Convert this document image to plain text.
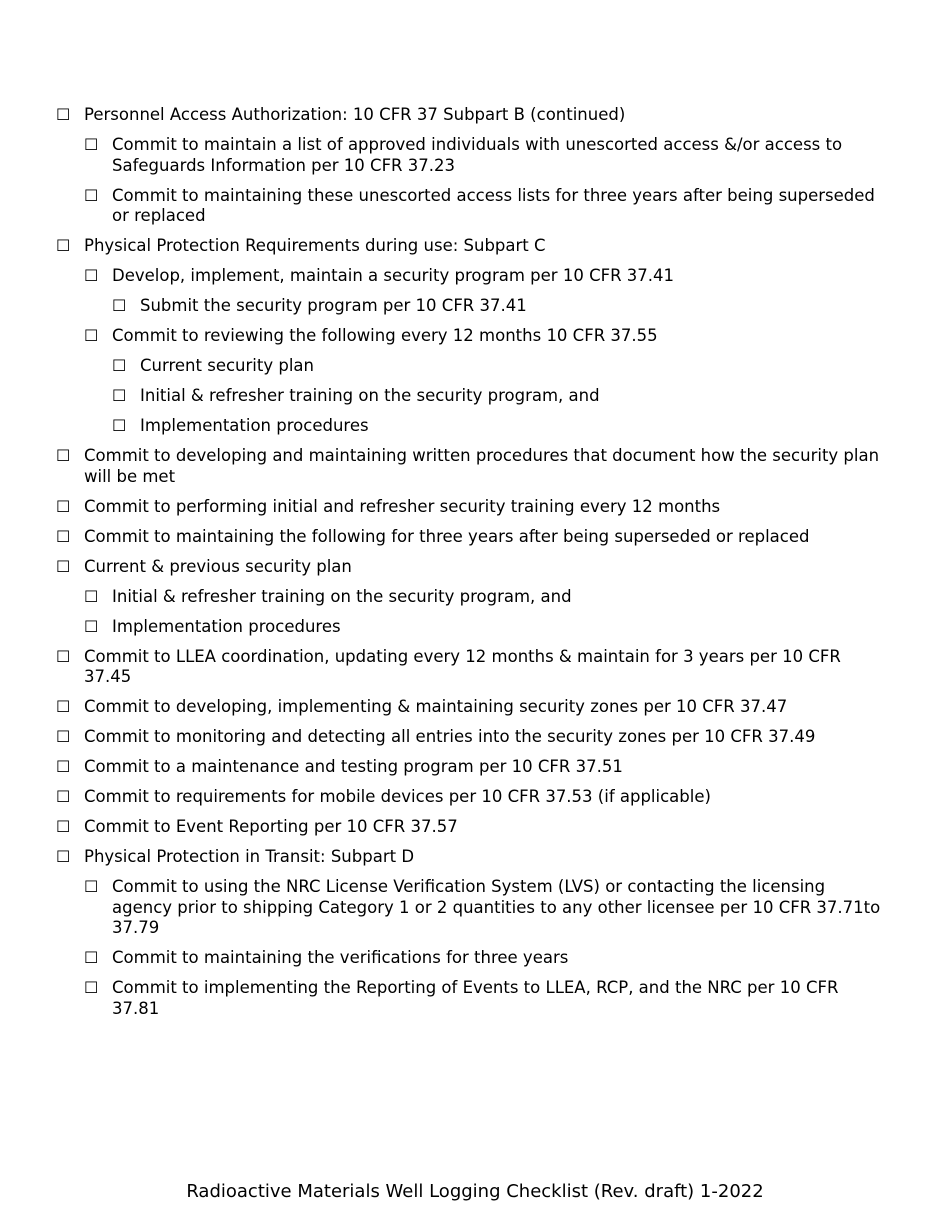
☐ Personnel Access Authorization: 10 CFR 37 Subpart B (continued)
☐ Commit to maintain a list of approved individuals with unescorted access &/or access to Safeguards Information per 10 CFR 37.23
☐ Commit to maintaining these unescorted access lists for three years after being superseded or replaced
☐ Physical Protection Requirements during use: Subpart C
☐ Develop, implement, maintain a security program per 10 CFR 37.41
☐ Submit the security program per 10 CFR 37.41
☐ Commit to reviewing the following every 12 months 10 CFR 37.55
☐ Current security plan
☐ Initial & refresher training on the security program, and
☐ Implementation procedures
☐ Commit to developing and maintaining written procedures that document how the security plan will be met
☐ Commit to performing initial and refresher security training every 12 months
☐ Commit to maintaining the following for three years after being superseded or replaced
☐ Current & previous security plan
☐ Initial & refresher training on the security program, and
☐ Implementation procedures
☐ Commit to LLEA coordination, updating every 12 months & maintain for 3 years per 10 CFR 37.45
☐ Commit to developing, implementing & maintaining security zones per 10 CFR 37.47
☐ Commit to monitoring and detecting all entries into the security zones per 10 CFR 37.49
☐ Commit to a maintenance and testing program per 10 CFR 37.51
☐ Commit to requirements for mobile devices per 10 CFR 37.53 (if applicable)
☐ Commit to Event Reporting per 10 CFR 37.57
☐ Physical Protection in Transit: Subpart D
☐ Commit to using the NRC License Verification System (LVS) or contacting the licensing agency prior to shipping Category 1 or 2 quantities to any other licensee per 10 CFR 37.71to 37.79
☐ Commit to maintaining the verifications for three years
☐ Commit to implementing the Reporting of Events to LLEA, RCP, and the NRC per 10 CFR 37.81
Radioactive Materials Well Logging Checklist (Rev. draft) 1-2022
